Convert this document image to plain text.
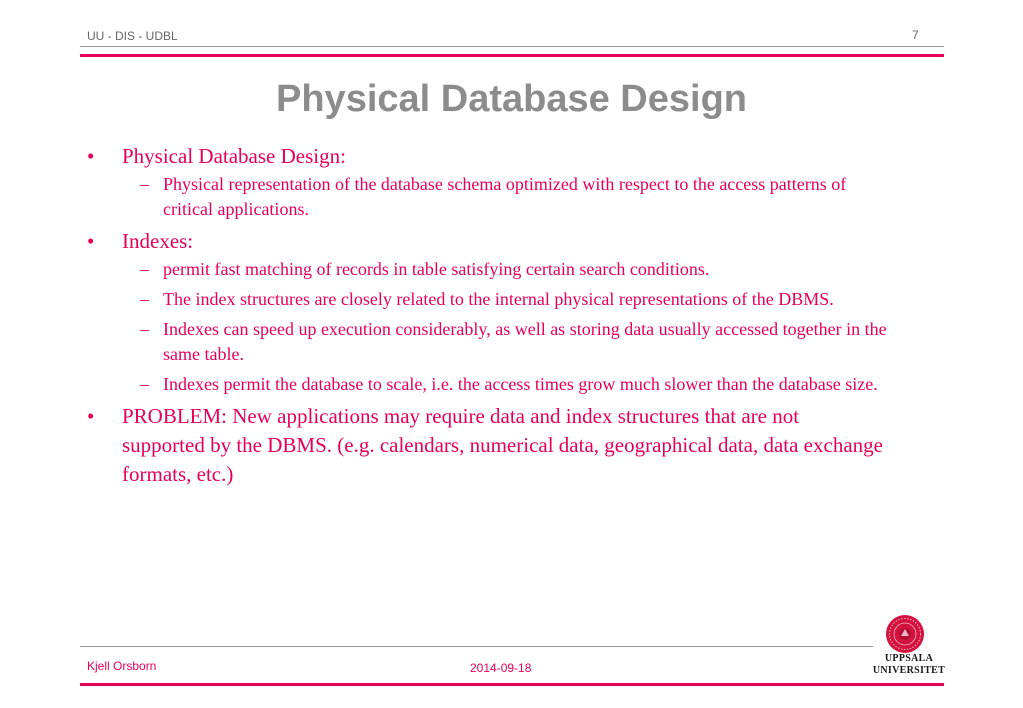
UU - DIS - UDBL	7
Physical Database Design
• Physical Database Design:
– Physical representation of the database schema optimized with respect to the access patterns of critical applications.
• Indexes:
– permit fast matching of records in table satisfying certain search conditions.
– The index structures are closely related to the internal physical representations of the DBMS.
– Indexes can speed up execution considerably, as well as storing data usually accessed together in the same table.
– Indexes permit the database to scale, i.e. the access times grow much slower than the database size.
• PROBLEM: New applications may require data and index structures that are not supported by the DBMS. (e.g. calendars, numerical data, geographical data, data exchange formats, etc.)
Kjell Orsborn	2014-09-18
UPPSALA
UNIVERSITET
